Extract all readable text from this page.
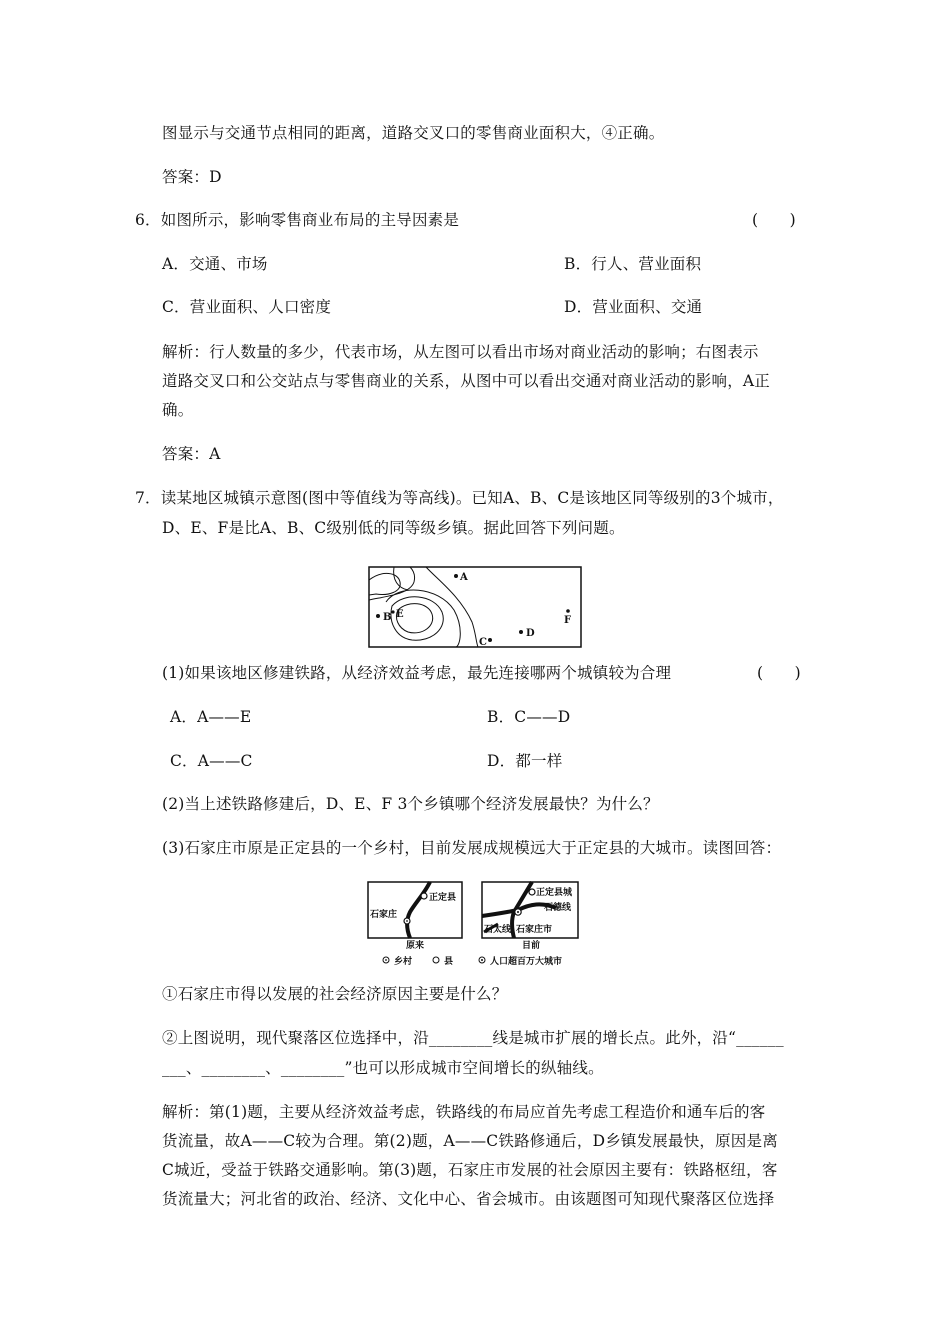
图显示与交通节点相同的距离，道路交叉口的零售商业面积大，④正确。
答案：D
6．如图所示，影响零售商业布局的主导因素是	(　　)
A．交通、市场	B．行人、营业面积
C．营业面积、人口密度	D．营业面积、交通
解析：行人数量的多少，代表市场，从左图可以看出市场对商业活动的影响；右图表示
道路交叉口和公交站点与零售商业的关系，从图中可以看出交通对商业活动的影响，A正
确。
答案：A
7．读某地区城镇示意图(图中等值线为等高线)。已知A、B、C是该地区同等级别的3个城市，
D、E、F是比A、B、C级别低的同等级乡镇。据此回答下列问题。
A
B E
C
D
F
(1)如果该地区修建铁路，从经济效益考虑，最先连接哪两个城镇较为合理	(　　)
A．A——E	B．C——D
C．A——C	D．都一样
(2)当上述铁路修建后，D、E、F 3个乡镇哪个经济发展最快？为什么？
(3)石家庄市原是正定县的一个乡村，目前发展成规模远大于正定县的大城市。读图回答：
正定县
石家庄
原来
正定县城
石德线
石太线 石家庄市
目前
乡村	县	人口超百万大城市
①石家庄市得以发展的社会经济原因主要是什么？
②上图说明，现代聚落区位选择中，沿________线是城市扩展的增长点。此外，沿“______
___、________、________”也可以形成城市空间增长的纵轴线。
解析：第(1)题，主要从经济效益考虑，铁路线的布局应首先考虑工程造价和通车后的客
货流量，故A——C较为合理。第(2)题，A——C铁路修通后，D乡镇发展最快，原因是离
C城近，受益于铁路交通影响。第(3)题，石家庄市发展的社会原因主要有：铁路枢纽，客
货流量大；河北省的政治、经济、文化中心、省会城市。由该题图可知现代聚落区位选择
